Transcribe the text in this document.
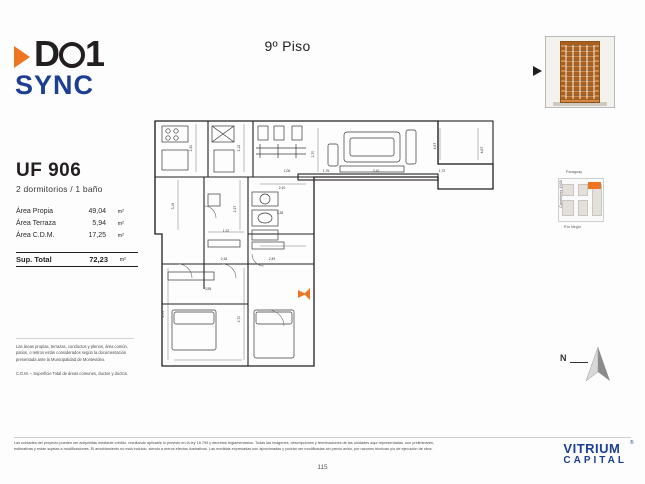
D 1
SYNC
9º Piso
UF 906
2 dormitorios / 1 baño
Área Propia	49,04	m²
Área Terraza	5,94	m²
Área C.D.M.	17,25	m²
Sup. Total	72,23	m²

Las áreas propias, terrazas, conductos y plenos, área común, patios, o retiros están considerados según la documentación presentada ante la Municipalidad de Montevideo.

C.D.M. – Superficie Total de áreas comunes, ductos y ductos.

2,30	2,15
3,19	2,37
2,70
2,70
2,70
4,67
4,67
1,06	1,76	3,10	1,72
2,10
2,35
2,49
2,18
3,55
1,22
Paraguay
Río Negro
Canelones 1928
N
Las unidades del proyecto pueden ser adquiridas mediante crédito, resultando aplicable lo previsto en la ley 18.795 y decretos reglamentarios. Todas las imágenes, descripciones y terminaciones de las unidades aquí representadas, son preliminares, estimativas y están sujetas a modificaciones. El amoblamiento no está incluido, siendo a meros efectos ilustrativos. Las medidas expresadas son aproximadas y podrán ser modificadas sin previo aviso, por razones técnicas y/o de ejecución de obra.	VITRIUM ®
CAPITAL
115
